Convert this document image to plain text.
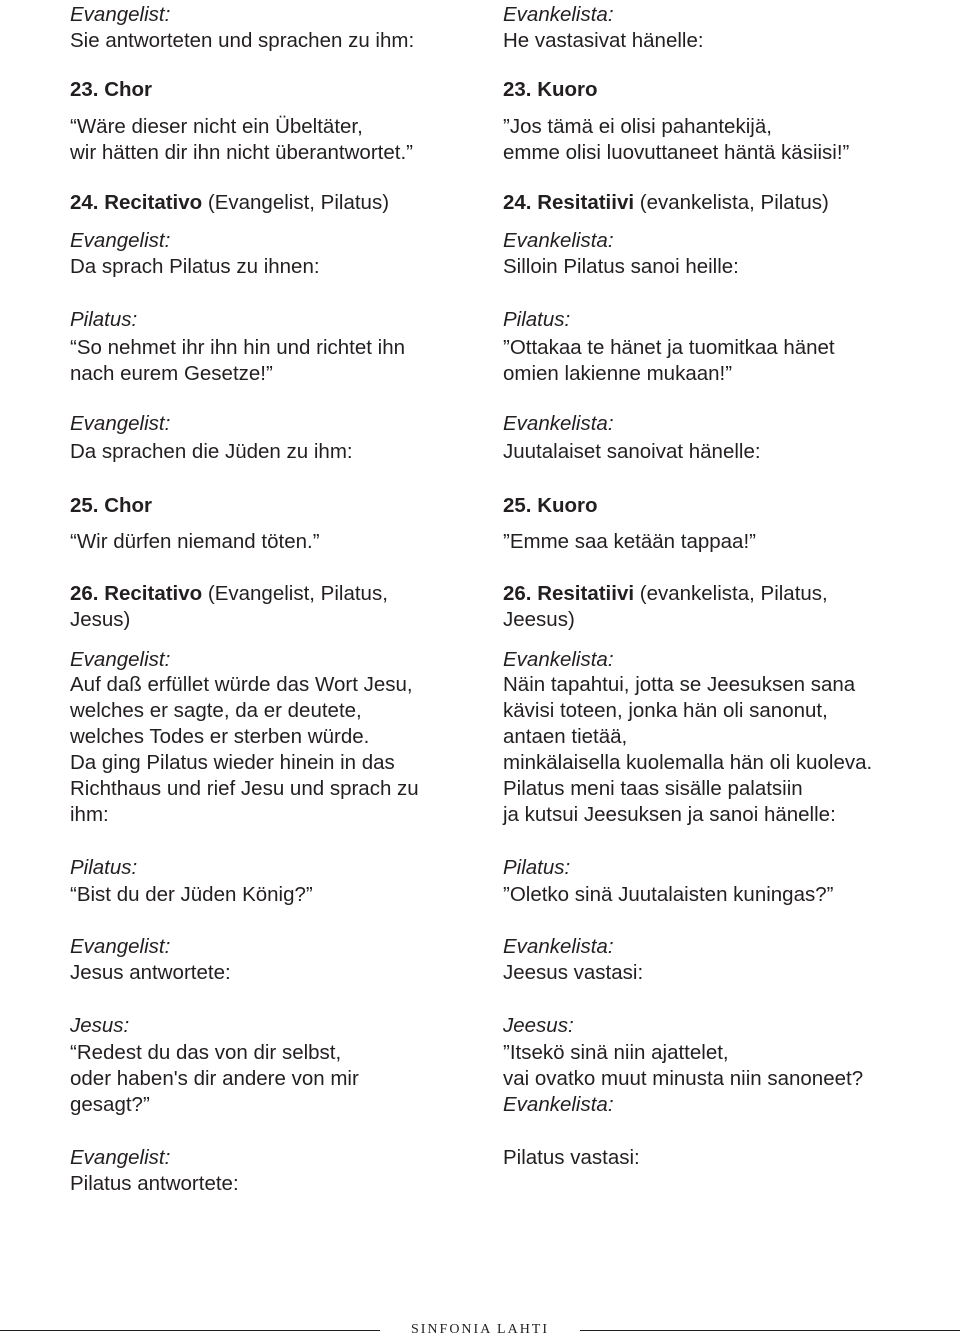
Evangelist:
Sie antworteten und sprachen zu ihm:
23. Chor
“Wäre dieser nicht ein Übeltäter,
wir hätten dir ihn nicht überantwortet.”
24. Recitativo (Evangelist, Pilatus)
Evangelist:
Da sprach Pilatus zu ihnen:
Pilatus:
“So nehmet ihr ihn hin und richtet ihn
nach eurem Gesetze!”
Evangelist:
Da sprachen die Jüden zu ihm:
25. Chor
“Wir dürfen niemand töten.”
26. Recitativo (Evangelist, Pilatus,
Jesus)
Evangelist:
Auf daß erfüllet würde das Wort Jesu,
welches er sagte, da er deutete,
welches Todes er sterben würde.
Da ging Pilatus wieder hinein in das
Richthaus und rief Jesu und sprach zu
ihm:
Pilatus:
“Bist du der Jüden König?”
Evangelist:
Jesus antwortete:
Jesus:
“Redest du das von dir selbst,
oder haben's dir andere von mir
gesagt?”
Evangelist:
Pilatus antwortete:
Evankelista:
He vastasivat hänelle:
23. Kuoro
”Jos tämä ei olisi pahantekijä,
emme olisi luovuttaneet häntä käsiisi!”
24. Resitatiivi (evankelista, Pilatus)
Evankelista:
Silloin Pilatus sanoi heille:
Pilatus:
”Ottakaa te hänet ja tuomitkaa hänet
omien lakienne mukaan!”
Evankelista:
Juutalaiset sanoivat hänelle:
25. Kuoro
”Emme saa ketään tappaa!”
26. Resitatiivi (evankelista, Pilatus,
Jeesus)
Evankelista:
Näin tapahtui, jotta se Jeesuksen sana
kävisi toteen, jonka hän oli sanonut,
antaen tietää,
minkälaisella kuolemalla hän oli kuoleva.
Pilatus meni taas sisälle palatsiin
ja kutsui Jeesuksen ja sanoi hänelle:
Pilatus:
”Oletko sinä Juutalaisten kuningas?”
Evankelista:
Jeesus vastasi:
Jeesus:
”Itsekö sinä niin ajattelet,
vai ovatko muut minusta niin sanoneet?
Evankelista:
Pilatus vastasi:
SINFONIA LAHTI
